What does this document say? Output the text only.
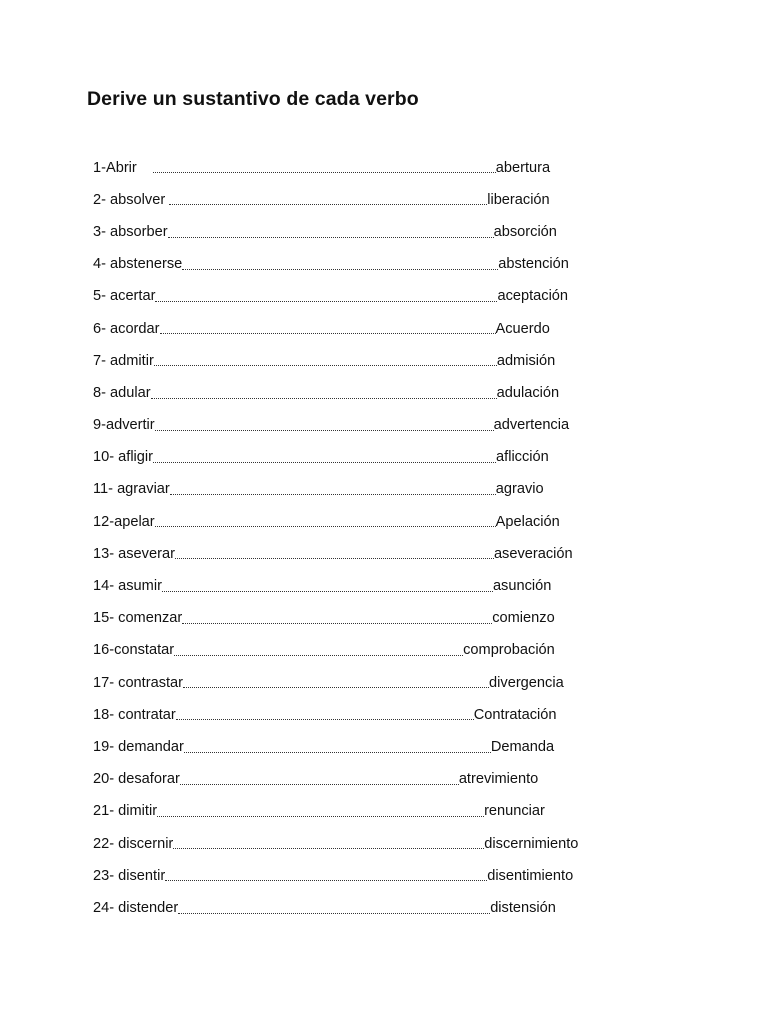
Derive un sustantivo de cada verbo
1-Abrir	abertura
2- absolver	liberación
3- absorber	absorción
4- abstenerse	abstención
5- acertar	aceptación
6- acordar	Acuerdo
7- admitir	admisión
8- adular	adulación
9-advertir	advertencia
10- afligir	aflicción
11- agraviar	agravio
12-apelar	Apelación
13- aseverar	aseveración
14- asumir	asunción
15- comenzar	comienzo
16-constatar	comprobación
17- contrastar	divergencia
18- contratar	Contratación
19- demandar	Demanda
20- desaforar	atrevimiento
21- dimitir	renunciar
22- discernir	discernimiento
23- disentir	disentimiento
24- distender	distensión
